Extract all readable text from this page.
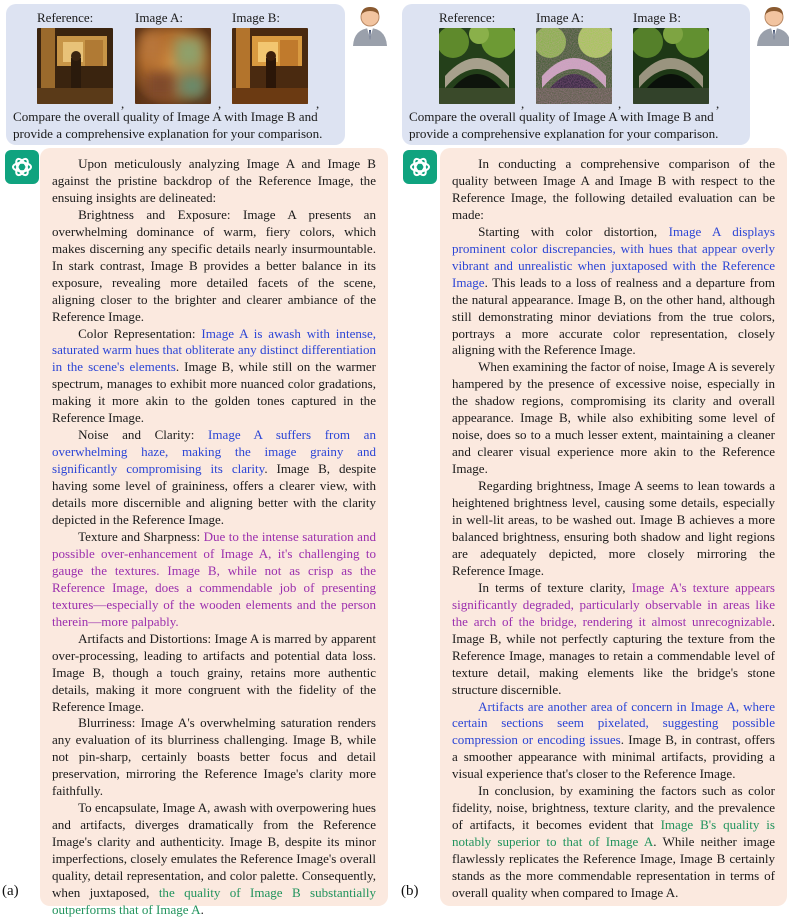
Reference:
,
Image A:
,
Image B:
,
Compare the overall quality of Image A with Image B and provide a comprehensive explanation for your comparison.

Upon meticulously analyzing Image A and Image B against the pristine backdrop of the Reference Image, the ensuing insights are delineated:

Brightness and Exposure: Image A presents an overwhelming dominance of warm, fiery colors, which makes discerning any specific details nearly insurmountable. In stark contrast, Image B provides a better balance in its exposure, revealing more detailed facets of the scene, aligning closer to the brighter and clearer ambiance of the Reference Image.

Color Representation: Image A is awash with intense, saturated warm hues that obliterate any distinct differentiation in the scene's elements. Image B, while still on the warmer spectrum, manages to exhibit more nuanced color gradations, making it more akin to the golden tones captured in the Reference Image.

Noise and Clarity: Image A suffers from an overwhelming haze, making the image grainy and significantly compromising its clarity. Image B, despite having some level of graininess, offers a clearer view, with details more discernible and aligning better with the clarity depicted in the Reference Image.

Texture and Sharpness: Due to the intense saturation and possible over-enhancement of Image A, it's challenging to gauge the textures. Image B, while not as crisp as the Reference Image, does a commendable job of presenting textures—especially of the wooden elements and the person therein—more palpably.

Artifacts and Distortions: Image A is marred by apparent over-processing, leading to artifacts and potential data loss. Image B, though a touch grainy, retains more authentic details, making it more congruent with the fidelity of the Reference Image.

Blurriness: Image A's overwhelming saturation renders any evaluation of its blurriness challenging. Image B, while not pin-sharp, certainly boasts better focus and detail preservation, mirroring the Reference Image's clarity more faithfully.

To encapsulate, Image A, awash with overpowering hues and artifacts, diverges dramatically from the Reference Image's clarity and authenticity. Image B, despite its minor imperfections, closely emulates the Reference Image's overall quality, detail representation, and color palette. Consequently, when juxtaposed, the quality of Image B substantially outperforms that of Image A.

(a)
Reference:
,
Image A:
,
Image B:
,
Compare the overall quality of Image A with Image B and provide a comprehensive explanation for your comparison.

In conducting a comprehensive comparison of the quality between Image A and Image B with respect to the Reference Image, the following detailed evaluation can be made:

Starting with color distortion, Image A displays prominent color discrepancies, with hues that appear overly vibrant and unrealistic when juxtaposed with the Reference Image. This leads to a loss of realness and a departure from the natural appearance. Image B, on the other hand, although still demonstrating minor deviations from the true colors, portrays a more accurate color representation, closely aligning with the Reference Image.

When examining the factor of noise, Image A is severely hampered by the presence of excessive noise, especially in the shadow regions, compromising its clarity and overall appearance. Image B, while also exhibiting some level of noise, does so to a much lesser extent, maintaining a cleaner and clearer visual experience more akin to the Reference Image.

Regarding brightness, Image A seems to lean towards a heightened brightness level, causing some details, especially in well-lit areas, to be washed out. Image B achieves a more balanced brightness, ensuring both shadow and light regions are adequately depicted, more closely mirroring the Reference Image.

In terms of texture clarity, Image A's texture appears significantly degraded, particularly observable in areas like the arch of the bridge, rendering it almost unrecognizable. Image B, while not perfectly capturing the texture from the Reference Image, manages to retain a commendable level of texture detail, making elements like the bridge's stone structure discernible.

Artifacts are another area of concern in Image A, where certain sections seem pixelated, suggesting possible compression or encoding issues. Image B, in contrast, offers a smoother appearance with minimal artifacts, providing a visual experience that's closer to the Reference Image.

In conclusion, by examining the factors such as color fidelity, noise, brightness, texture clarity, and the prevalence of artifacts, it becomes evident that Image B's quality is notably superior to that of Image A. While neither image flawlessly replicates the Reference Image, Image B certainly stands as the more commendable representation in terms of overall quality when compared to Image A.

(b)
